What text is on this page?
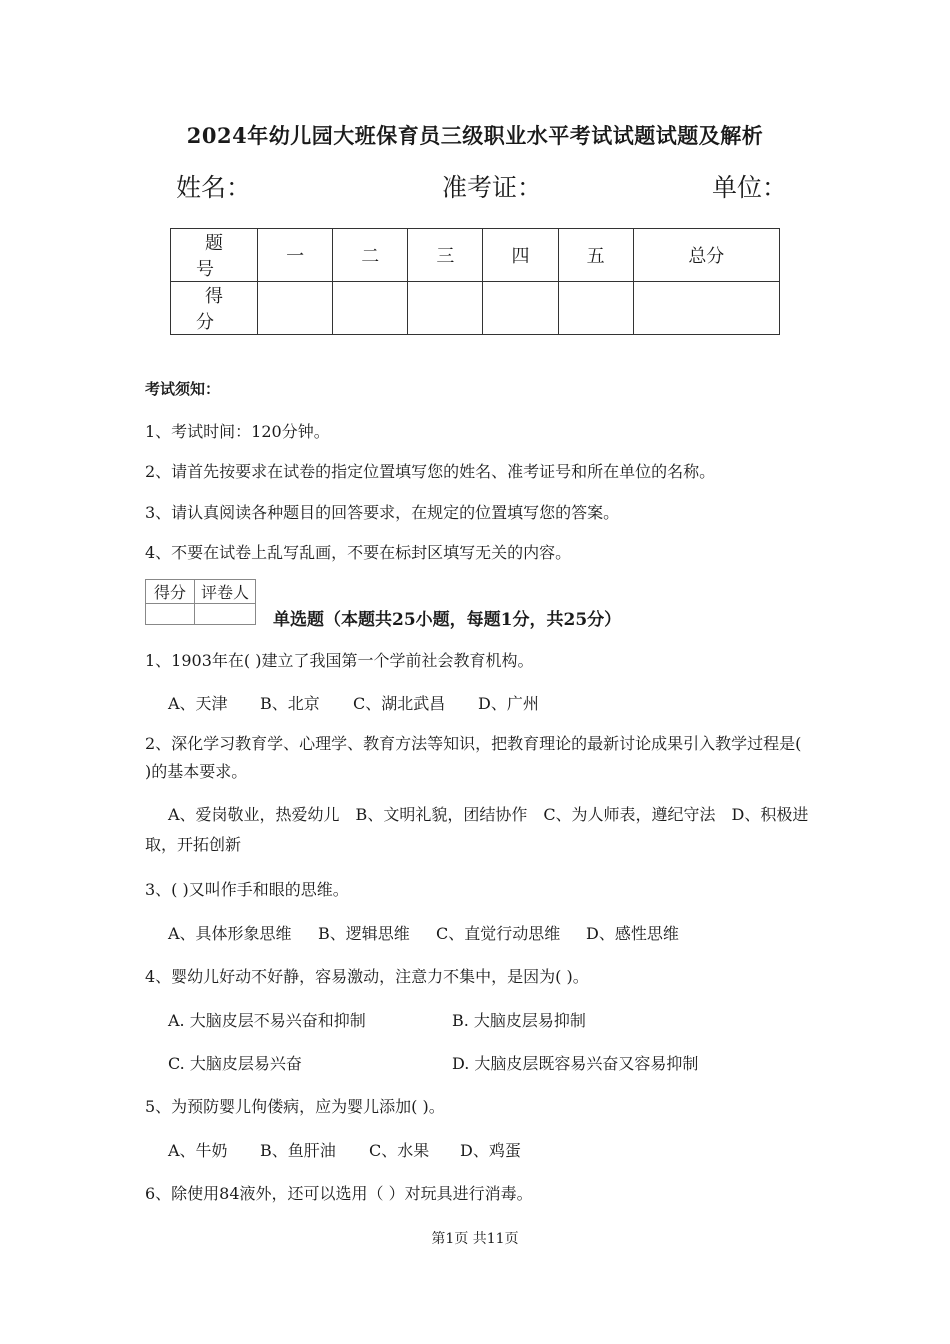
2024年幼儿园大班保育员三级职业水平考试试题试题及解析
姓名：	准考证：	单位：
题 号	一	二	三	四	五	总分
得 分						
考试须知：
1、考试时间：120分钟。
2、请首先按要求在试卷的指定位置填写您的姓名、准考证号和所在单位的名称。
3、请认真阅读各种题目的回答要求，在规定的位置填写您的答案。
4、不要在试卷上乱写乱画，不要在标封区填写无关的内容。
得分	评卷人

单选题（本题共25小题，每题1分，共25分）
1、1903年在( )建立了我国第一个学前社会教育机构。
A、天津 B、北京 C、湖北武昌 D、广州
2、深化学习教育学、心理学、教育方法等知识，把教育理论的最新讨论成果引入教学过程是( )的基本要求。
A、爱岗敬业，热爱幼儿　B、文明礼貌，团结协作　C、为人师表，遵纪守法　D、积极进取，开拓创新
3、( )又叫作手和眼的思维。
A、具体形象思维 B、逻辑思维 C、直觉行动思维 D、感性思维
4、婴幼儿好动不好静，容易激动，注意力不集中，是因为( )。
A. 大脑皮层不易兴奋和抑制	B. 大脑皮层易抑制
C. 大脑皮层易兴奋	D. 大脑皮层既容易兴奋又容易抑制
5、为预防婴儿佝偻病，应为婴儿添加( )。
A、牛奶 B、鱼肝油 C、水果 D、鸡蛋
6、除使用84液外，还可以选用（ ）对玩具进行消毒。
第1页 共11页
